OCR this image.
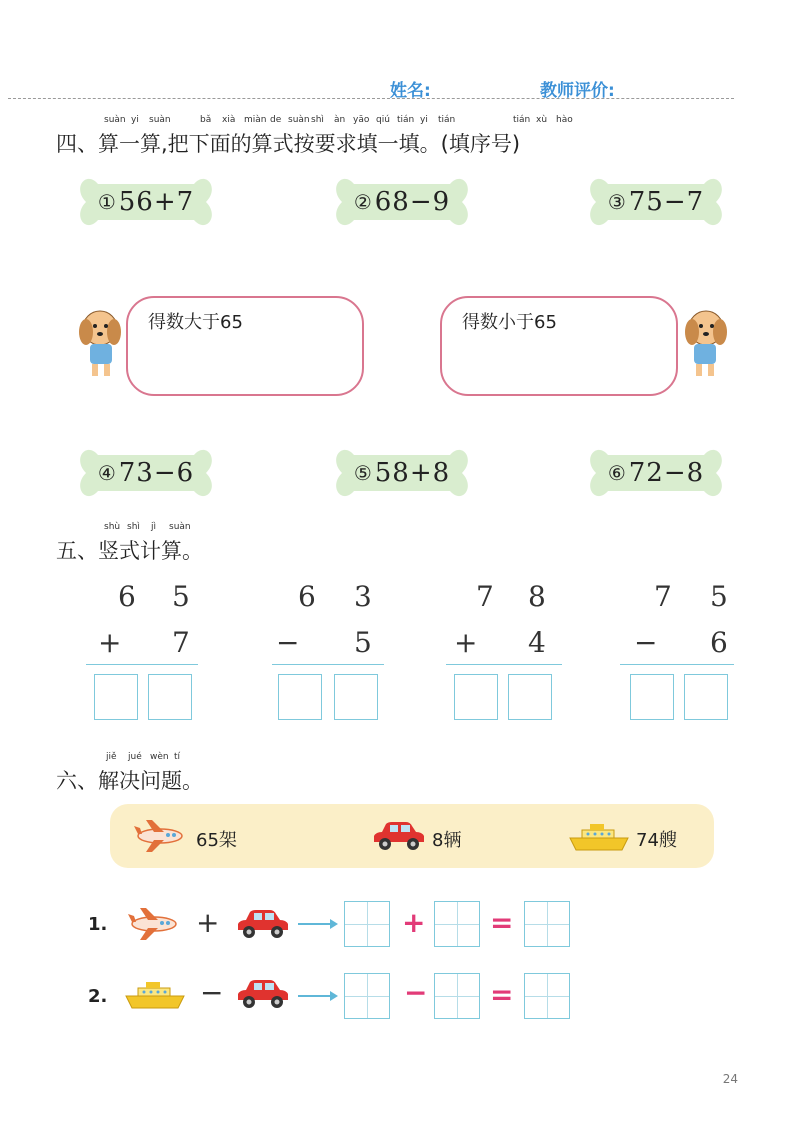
姓名:	教师评价:
suàn yi suàn	bǎ xià miàn de suàn shì àn yāo qiú tián yi tián	tián xù hào
四、算一算,把下面的算式按要求填一填。(填序号)
① 56+7	② 68−9	③ 75−7
得数大于65	得数小于65
④ 73−6	⑤ 58+8	⑥ 72−8
shù shì jì suàn
五、竖式计算。
6 5
+ 7
6 3
− 5
7 8
+ 4
7 5
− 6
jiě jué wèn tí
六、解决问题。
65架	8辆	74艘
1.	+	+ =
2.	−	− =
24
